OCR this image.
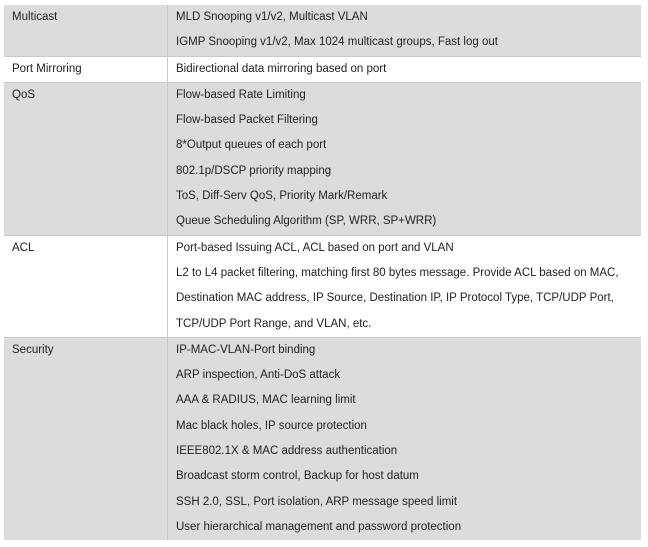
Multicast	MLD Snooping v1/v2, Multicast VLAN
IGMP Snooping v1/v2, Max 1024 multicast groups, Fast log out
Port Mirroring	Bidirectional data mirroring based on port
QoS	Flow-based Rate Limiting
Flow-based Packet Filtering
8*Output queues of each port
802.1p/DSCP priority mapping
ToS, Diff-Serv QoS, Priority Mark/Remark
Queue Scheduling Algorithm (SP, WRR, SP+WRR)
ACL	Port-based Issuing ACL, ACL based on port and VLAN
L2 to L4 packet filtering, matching first 80 bytes message. Provide ACL based on MAC,
Destination MAC address, IP Source, Destination IP, IP Protocol Type, TCP/UDP Port,
TCP/UDP Port Range, and VLAN, etc.
Security	IP-MAC-VLAN-Port binding
ARP inspection, Anti-DoS attack
AAA & RADIUS, MAC learning limit
Mac black holes, IP source protection
IEEE802.1X & MAC address authentication
Broadcast storm control, Backup for host datum
SSH 2.0, SSL, Port isolation, ARP message speed limit
User hierarchical management and password protection
